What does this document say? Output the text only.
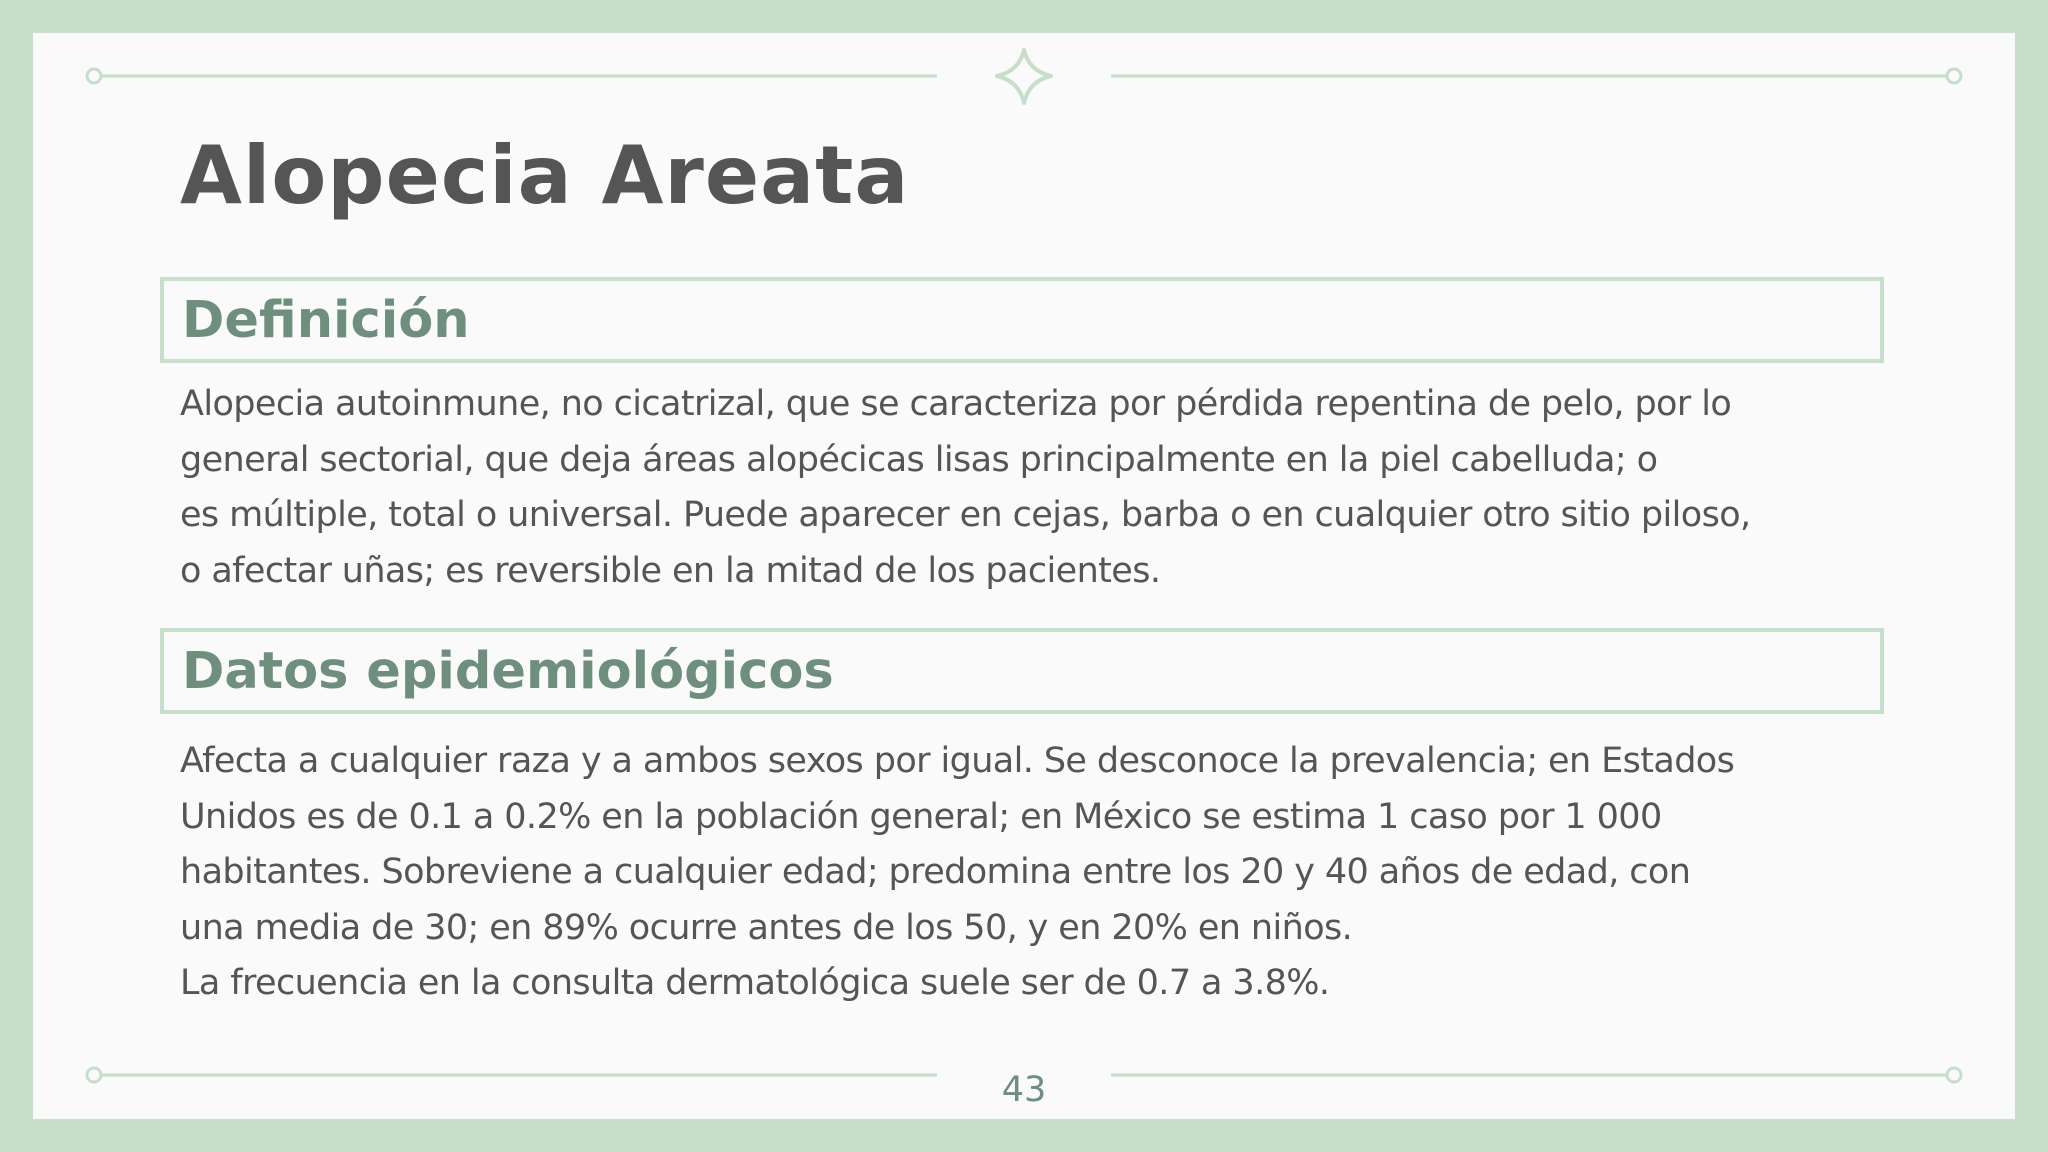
Alopecia Areata
Definición

Alopecia autoinmune, no cicatrizal, que se caracteriza por pérdida repentina de pelo, por lo
general sectorial, que deja áreas alopécicas lisas principalmente en la piel cabelluda; o
es múltiple, total o universal. Puede aparecer en cejas, barba o en cualquier otro sitio piloso,
o afectar uñas; es reversible en la mitad de los pacientes.

Datos epidemiológicos

Afecta a cualquier raza y a ambos sexos por igual. Se desconoce la prevalencia; en Estados
Unidos es de 0.1 a 0.2% en la población general; en México se estima 1 caso por 1 000
habitantes. Sobreviene a cualquier edad; predomina entre los 20 y 40 años de edad, con
una media de 30; en 89% ocurre antes de los 50, y en 20% en niños.
La frecuencia en la consulta dermatológica suele ser de 0.7 a 3.8%.

43
